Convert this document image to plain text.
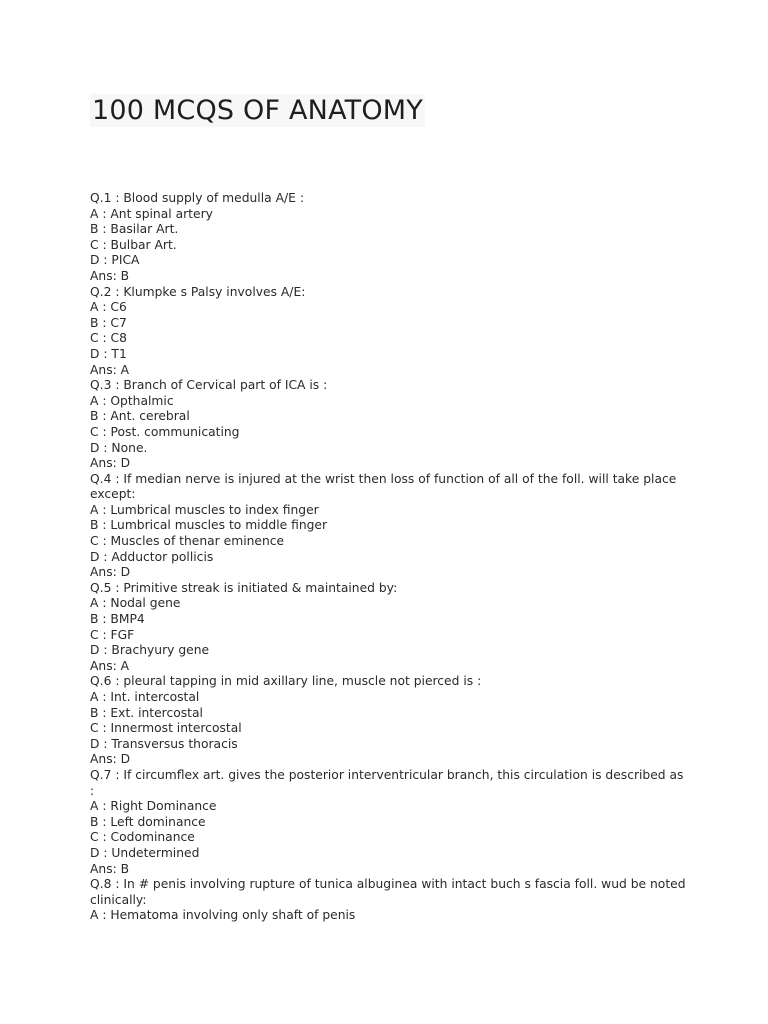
100 MCQS OF ANATOMY
Q.1 : Blood supply of medulla A/E :
A : Ant spinal artery
B : Basilar Art.
C : Bulbar Art.
D : PICA
Ans: B
Q.2 : Klumpke s Palsy involves A/E:
A : C6
B : C7
C : C8
D : T1
Ans: A
Q.3 : Branch of Cervical part of ICA is :
A : Opthalmic
B : Ant. cerebral
C : Post. communicating
D : None.
Ans: D
Q.4 : If median nerve is injured at the wrist then loss of function of all of the foll. will take place except:
A : Lumbrical muscles to index finger
B : Lumbrical muscles to middle finger
C : Muscles of thenar eminence
D : Adductor pollicis
Ans: D
Q.5 : Primitive streak is initiated & maintained by:
A : Nodal gene
B : BMP4
C : FGF
D : Brachyury gene
Ans: A
Q.6 : pleural tapping in mid axillary line, muscle not pierced is :
A : Int. intercostal
B : Ext. intercostal
C : Innermost intercostal
D : Transversus thoracis
Ans: D
Q.7 : If circumflex art. gives the posterior interventricular branch, this circulation is described as :
A : Right Dominance
B : Left dominance
C : Codominance
D : Undetermined
Ans: B
Q.8 : In # penis involving rupture of tunica albuginea with intact buch s fascia foll. wud be noted clinically:
A : Hematoma involving only shaft of penis
